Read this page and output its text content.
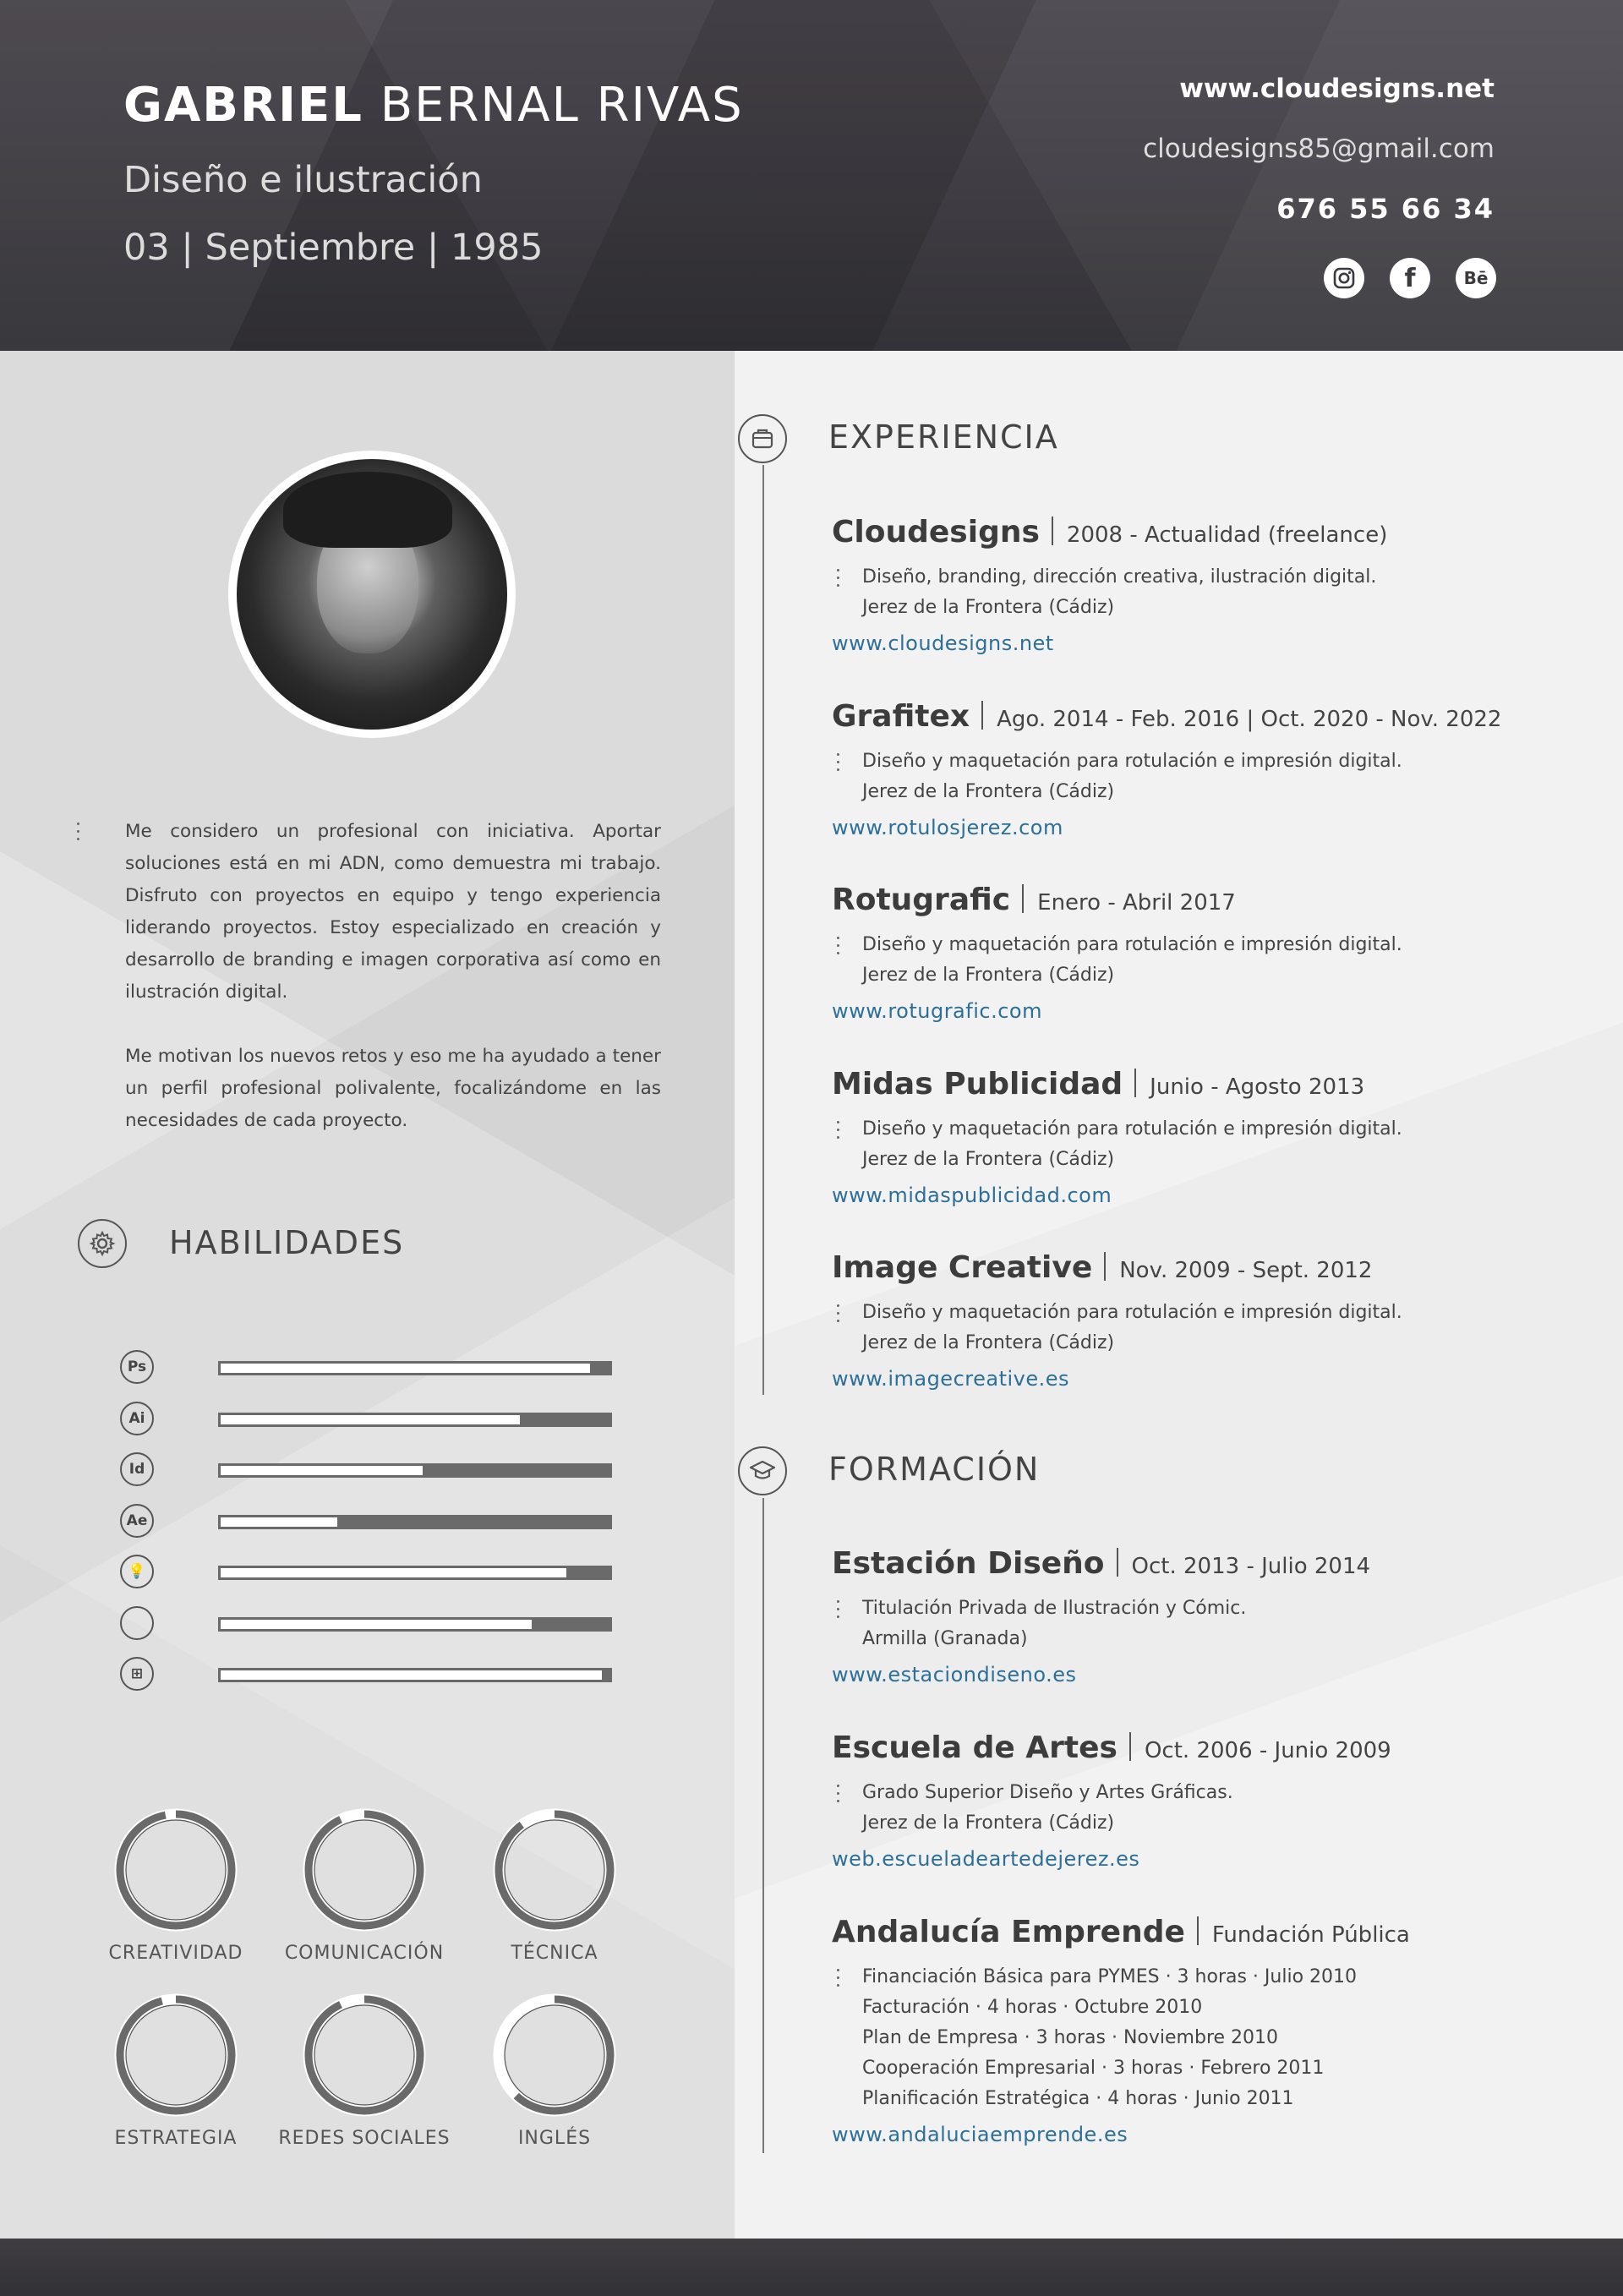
GABRIEL BERNAL RIVAS
Diseño e ilustración
03 | Septiembre | 1985
www.cloudesigns.net
cloudesigns85@gmail.com
676 55 66 34
f	Bē

Me considero un profesional con iniciativa. Aportar soluciones está en mi ADN, como demuestra mi trabajo. Disfruto con proyectos en equipo y tengo experiencia liderando proyectos. Estoy especializado en creación y desarrollo de branding e imagen corporativa así como en ilustración digital.

Me motivan los nuevos retos y eso me ha ayudado a tener un perfil profesional polivalente, focalizándome en las necesidades de cada proyecto.

HABILIDADES
Ps
Ai
Id
Ae
💡
⊞
CREATIVIDAD	COMUNICACIÓN	TÉCNICA
ESTRATEGIA	REDES SOCIALES	INGLÉS
EXPERIENCIA
Cloudesigns 2008 - Actualidad (freelance)
Diseño, branding, dirección creativa, ilustración digital.
Jerez de la Frontera (Cádiz)
www.cloudesigns.net
Grafitex Ago. 2014 - Feb. 2016 | Oct. 2020 - Nov. 2022
Diseño y maquetación para rotulación e impresión digital.
Jerez de la Frontera (Cádiz)
www.rotulosjerez.com
Rotugrafic Enero - Abril 2017
Diseño y maquetación para rotulación e impresión digital.
Jerez de la Frontera (Cádiz)
www.rotugrafic.com
Midas Publicidad Junio - Agosto 2013
Diseño y maquetación para rotulación e impresión digital.
Jerez de la Frontera (Cádiz)
www.midaspublicidad.com
Image Creative Nov. 2009 - Sept. 2012
Diseño y maquetación para rotulación e impresión digital.
Jerez de la Frontera (Cádiz)
www.imagecreative.es
FORMACIÓN
Estación Diseño Oct. 2013 - Julio 2014
Titulación Privada de Ilustración y Cómic.
Armilla (Granada)
www.estaciondiseno.es
Escuela de Artes Oct. 2006 - Junio 2009
Grado Superior Diseño y Artes Gráficas.
Jerez de la Frontera (Cádiz)
web.escueladeartedejerez.es
Andalucía Emprende Fundación Pública
Financiación Básica para PYMES · 3 horas · Julio 2010
Facturación · 4 horas · Octubre 2010
Plan de Empresa · 3 horas · Noviembre 2010
Cooperación Empresarial · 3 horas · Febrero 2011
Planificación Estratégica · 4 horas · Junio 2011
www.andaluciaemprende.es
